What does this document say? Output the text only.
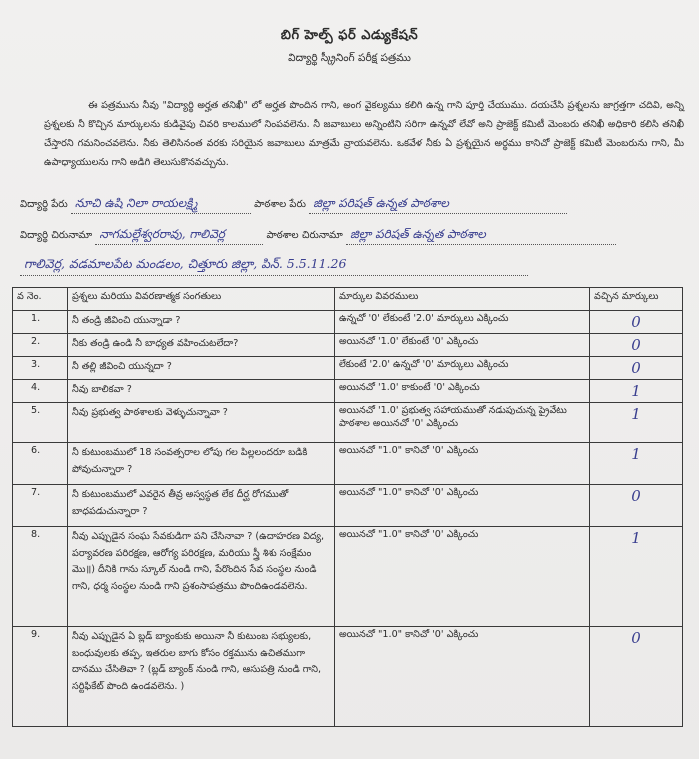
బిగ్ హెల్ప్ ఫర్ ఎడ్యుకేషన్
విద్యార్థి స్క్రీనింగ్ పరీక్ష పత్రము
ఈ పత్రమును నీవు "విద్యార్థి అర్హత తనిఖీ" లో అర్హత పొందిన గాని, అంగ వైకల్యము కలిగి ఉన్న గాని పూర్తి చేయుము. దయచేసి ప్రశ్నలను జాగ్రత్తగా చదివి, అన్ని ప్రశ్నలకు నీ కొచ్చిన మార్కులను కుడివైపు చివరి కాలములో నింపవలెను. నీ జవాబులు అన్నింటిని సరిగా ఉన్నవో లేవో అని ప్రాజెక్ట్ కమిటీ మెంబరు తనిఖీ అధికారి కలిసి తనిఖీ చేస్తారని గమనించవలెను. నీకు తెలిసినంత వరకు సరియైన జవాబులు మాత్రమే వ్రాయవలెను. ఒకవేళ నీకు ఏ ప్రశ్నయైన అర్థము కానిచో ప్రాజెక్ట్ కమిటీ మెంబరును గాని, మీ ఉపాధ్యాయులను గాని అడిగి తెలుసుకొనవచ్చును.
విద్యార్థి పేరు నూచి ఉషి నిలా రాయలక్ష్మి	పాఠశాల పేరు జిల్లా పరిషత్ ఉన్నత పాఠశాల
విద్యార్థి చిరునామా నాగమల్లేశ్వరరావు, గాలివెర్ల	పాఠశాల చిరునామా జిల్లా పరిషత్ ఉన్నత పాఠశాల
గాలివెర్ల, వడమాలపేట మండలం, చిత్తూరు జిల్లా, పిన్. 5.5.11.26
వ నెం.	ప్రశ్నలు మరియు వివరణాత్మక సంగతులు	మార్కుల వివరములు	వచ్చిన మార్కులు
1.	నీ తండ్రి జీవించి యున్నాడా ?	ఉన్నచో '0' లేకుంటే '2.0' మార్కులు ఎక్కించు	0
2.	నీకు తండ్రి ఉండి నీ బాధ్యత వహించుటలేదా?	అయినచో '1.0' లేకుంటే '0' ఎక్కించు	0
3.	నీ తల్లి జీవించి యున్నదా ?	లేకుంటే '2.0' ఉన్నచో '0' మార్కులు ఎక్కించు	0
4.	నీవు బాలికవా ?	అయినచో '1.0' కాకుంటే '0' ఎక్కించు	1
5.	నీవు ప్రభుత్వ పాఠశాలకు వెళ్ళుచున్నావా ?	అయినచో '1.0' ప్రభుత్వ సహాయముతో నడుపుచున్న ప్రైవేటు పాఠశాల అయినచో '0' ఎక్కించు	1
6.	నీ కుటుంబములో 18 సంవత్సరాల లోపు గల పిల్లలందరూ బడికి పోవుచున్నారా ?	అయినచో "1.0" కానిచో '0' ఎక్కించు	1
7.	నీ కుటుంబములో ఎవరైన తీవ్ర అస్వస్థత లేక దీర్ఘ రోగముతో బాధపడుచున్నారా ?	అయినచో "1.0" కానిచో '0' ఎక్కించు	0
8.	నీవు ఎప్పుడైన సంఘ సేవకుడిగా పని చేసినావా ? (ఉదాహరణ విద్య, పర్యావరణ పరిరక్షణ, ఆరోగ్య పరిరక్షణ, మరియు స్త్రీ శిశు సంక్షేమం మొ॥) దీనికి గాను స్కూల్ నుండి గాని, పేరొందిన సేవ సంస్థల నుండి గాని, ధర్మ సంస్థల నుండి గాని ప్రశంసాపత్రము పొందిఉండవలెను.	అయినచో "1.0" కానిచో '0' ఎక్కించు	1
9.	నీవు ఎప్పుడైన ఏ బ్లడ్ బ్యాంకుకు అయినా నీ కుటుంబ సభ్యులకు, బంధువులకు తప్ప, ఇతరుల బాగు కోసం రక్తమును ఉచితముగా దానము చేసితివా ? (బ్లడ్ బ్యాంక్ నుండి గాని, ఆసుపత్రి నుండి గాని, సర్టిఫికేట్ పొంది ఉండవలెను. )	అయినచో "1.0" కానిచో '0' ఎక్కించు	0
